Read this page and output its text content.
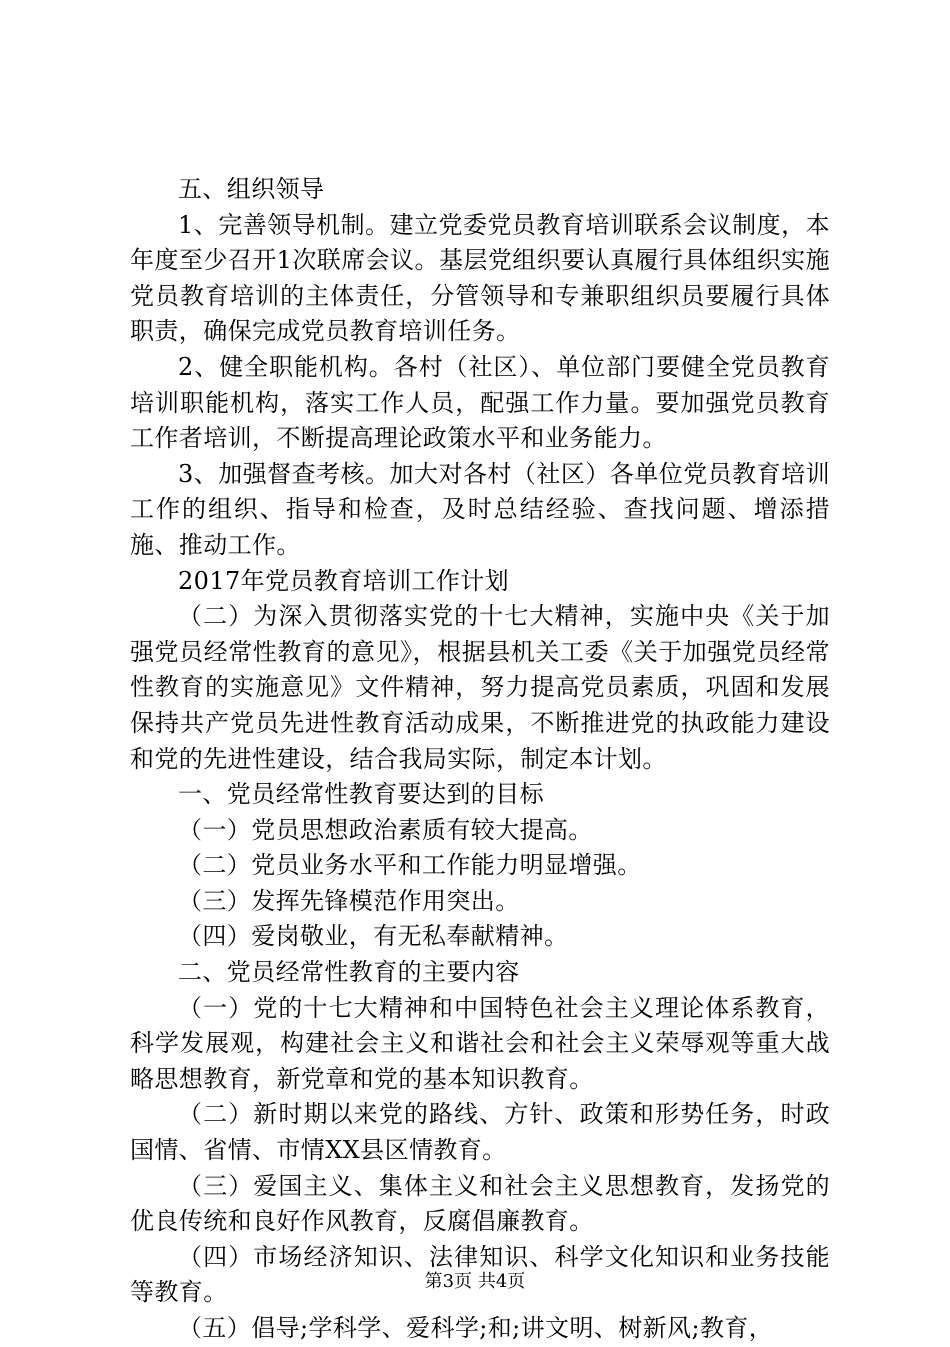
五、组织领导

1、完善领导机制。建立党委党员教育培训联系会议制度，本年度至少召开1次联席会议。基层党组织要认真履行具体组织实施党员教育培训的主体责任，分管领导和专兼职组织员要履行具体职责，确保完成党员教育培训任务。

2、健全职能机构。各村（社区）、单位部门要健全党员教育培训职能机构，落实工作人员，配强工作力量。要加强党员教育工作者培训，不断提高理论政策水平和业务能力。

3、加强督查考核。加大对各村（社区）各单位党员教育培训工作的组织、指导和检查，及时总结经验、查找问题、增添措施、推动工作。

2017年党员教育培训工作计划

（二）为深入贯彻落实党的十七大精神，实施中央《关于加强党员经常性教育的意见》，根据县机关工委《关于加强党员经常性教育的实施意见》文件精神，努力提高党员素质，巩固和发展保持共产党员先进性教育活动成果，不断推进党的执政能力建设和党的先进性建设，结合我局实际，制定本计划。

一、党员经常性教育要达到的目标

（一）党员思想政治素质有较大提高。

（二）党员业务水平和工作能力明显增强。

（三）发挥先锋模范作用突出。

（四）爱岗敬业，有无私奉献精神。

二、党员经常性教育的主要内容

（一）党的十七大精神和中国特色社会主义理论体系教育，科学发展观，构建社会主义和谐社会和社会主义荣辱观等重大战略思想教育，新党章和党的基本知识教育。

（二）新时期以来党的路线、方针、政策和形势任务，时政国情、省情、市情XX县区情教育。

（三）爱国主义、集体主义和社会主义思想教育，发扬党的优良传统和良好作风教育，反腐倡廉教育。

（四）市场经济知识、法律知识、科学文化知识和业务技能等教育。

（五）倡导;学科学、爱科学;和;讲文明、树新风;教育，

第3页 共4页
